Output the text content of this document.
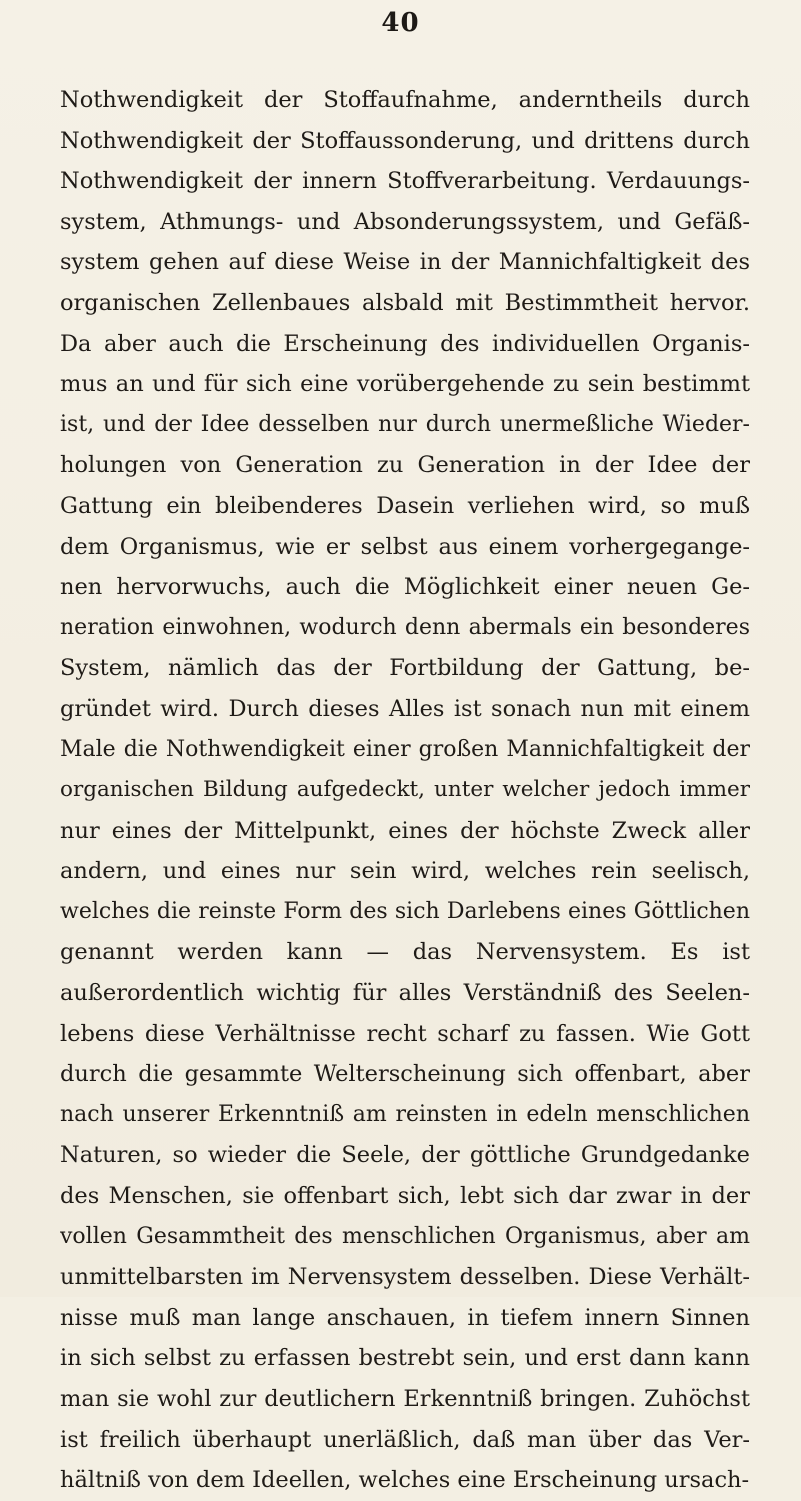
40
Nothwendigkeit der Stoffaufnahme, anderntheils durch
Nothwendigkeit der Stoffaussonderung, und drittens durch
Nothwendigkeit der innern Stoffverarbeitung. Verdauungs-
system, Athmungs- und Absonderungssystem, und Gefäß-
system gehen auf diese Weise in der Mannichfaltigkeit des
organischen Zellenbaues alsbald mit Bestimmtheit hervor.
Da aber auch die Erscheinung des individuellen Organis-
mus an und für sich eine vorübergehende zu sein bestimmt
ist, und der Idee desselben nur durch unermeßliche Wieder-
holungen von Generation zu Generation in der Idee der
Gattung ein bleibenderes Dasein verliehen wird, so muß
dem Organismus, wie er selbst aus einem vorhergegange-
nen hervorwuchs, auch die Möglichkeit einer neuen Ge-
neration einwohnen, wodurch denn abermals ein besonderes
System, nämlich das der Fortbildung der Gattung, be-
gründet wird. Durch dieses Alles ist sonach nun mit einem
Male die Nothwendigkeit einer großen Mannichfaltigkeit der
organischen Bildung aufgedeckt, unter welcher jedoch immer
nur eines der Mittelpunkt, eines der höchste Zweck aller
andern, und eines nur sein wird, welches rein seelisch,
welches die reinste Form des sich Darlebens eines Göttlichen
genannt werden kann — das Nervensystem. Es ist
außerordentlich wichtig für alles Verständniß des Seelen-
lebens diese Verhältnisse recht scharf zu fassen. Wie Gott
durch die gesammte Welterscheinung sich offenbart, aber
nach unserer Erkenntniß am reinsten in edeln menschlichen
Naturen, so wieder die Seele, der göttliche Grundgedanke
des Menschen, sie offenbart sich, lebt sich dar zwar in der
vollen Gesammtheit des menschlichen Organismus, aber am
unmittelbarsten im Nervensystem desselben. Diese Verhält-
nisse muß man lange anschauen, in tiefem innern Sinnen
in sich selbst zu erfassen bestrebt sein, und erst dann kann
man sie wohl zur deutlichern Erkenntniß bringen. Zuhöchst
ist freilich überhaupt unerläßlich, daß man über das Ver-
hältniß von dem Ideellen, welches eine Erscheinung ursach-
